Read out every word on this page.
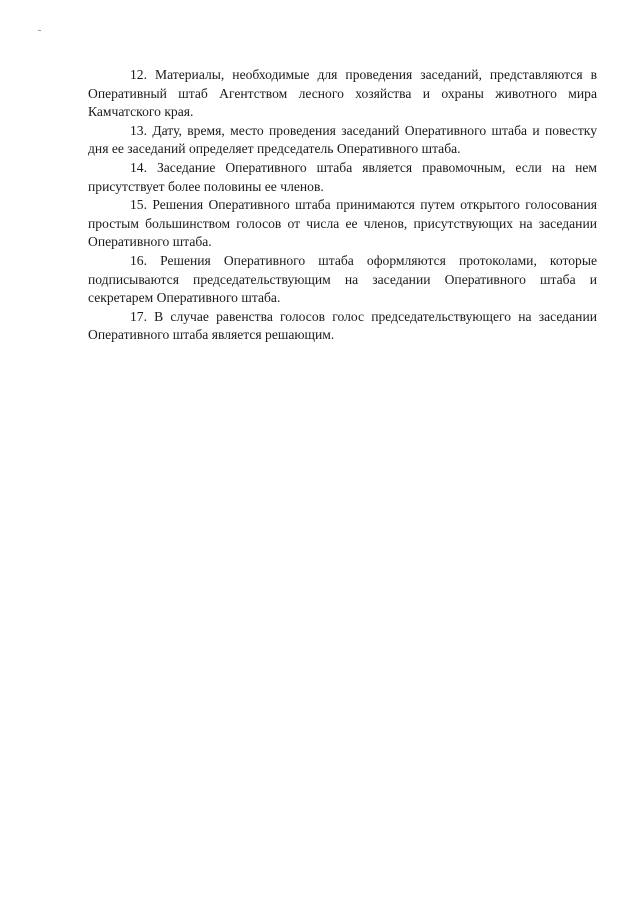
12. Материалы, необходимые для проведения заседаний, представляются в Оперативный штаб Агентством лесного хозяйства и охраны животного мира Камчатского края.

13. Дату, время, место проведения заседаний Оперативного штаба и повестку дня ее заседаний определяет председатель Оперативного штаба.

14. Заседание Оперативного штаба является правомочным, если на нем присутствует более половины ее членов.

15. Решения Оперативного штаба принимаются путем открытого голосования простым большинством голосов от числа ее членов, присутствующих на заседании Оперативного штаба.

16. Решения Оперативного штаба оформляются протоколами, которые подписываются председательствующим на заседании Оперативного штаба и секретарем Оперативного штаба.

17. В случае равенства голосов голос председательствующего на заседании Оперативного штаба является решающим.
